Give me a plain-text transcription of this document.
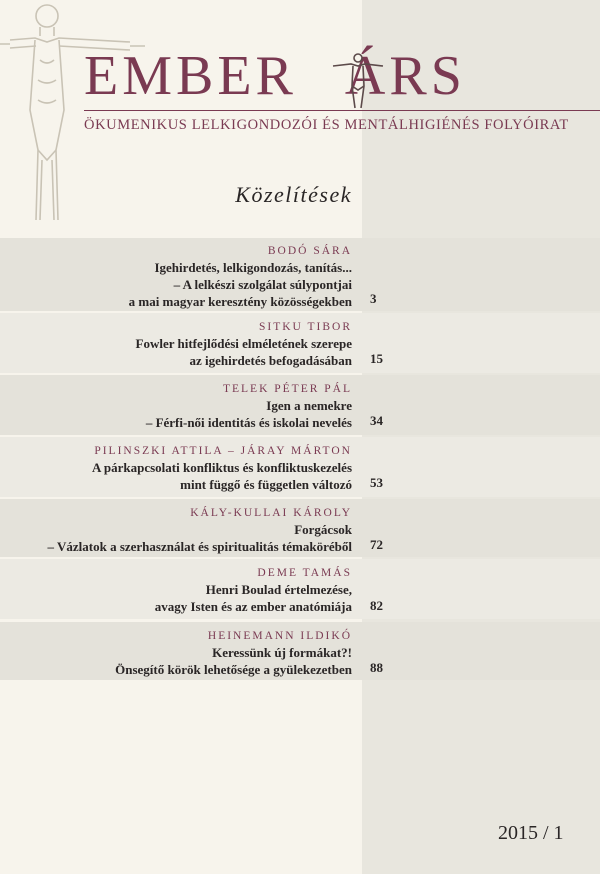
EMBER ÁRS
ÖKUMENIKUS LELKIGONDOZÓI ÉS MENTÁLHIGIÉNÉS FOLYÓIRAT
Közelítések
BODÓ SÁRA
Igehirdetés, lelkigondozás, tanítás...
– A lelkészi szolgálat súlypontjai
a mai magyar keresztény közösségekben 3
SITKU TIBOR
Fowler hitfejlődési elméletének szerepe
az igehirdetés befogadásában 15
TELEK PÉTER PÁL
Igen a nemekre
– Férfi-női identitás és iskolai nevelés 34
PILINSZKI ATTILA – JÁRAY MÁRTON
A párkapcsolati konfliktus és konfliktuskezelés
mint függő és független változó 53
KÁLY-KULLAI KÁROLY
Forgácsok
– Vázlatok a szerhasználat és spiritualitás témaköréből 72
DEME TAMÁS
Henri Boulad értelmezése,
avagy Isten és az ember anatómiája 82
HEINEMANN ILDIKÓ
Keressünk új formákat?!
Önsegítő körök lehetősége a gyülekezetben 88
2015 / 1
